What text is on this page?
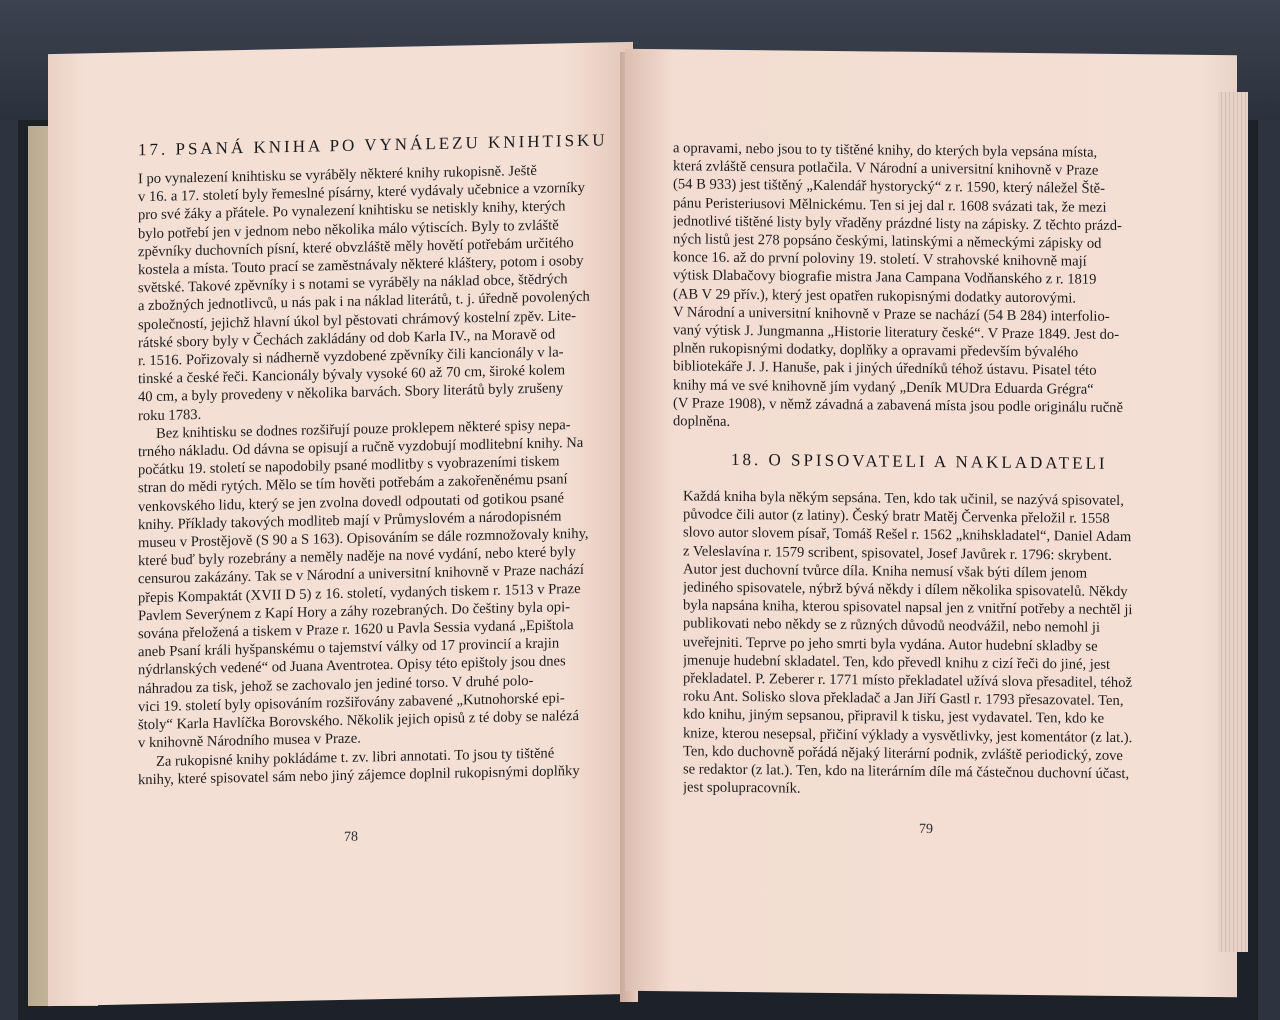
17. PSANÁ KNIHA PO VYNÁLEZU KNIHTISKU
I po vynalezení knihtisku se vyráběly některé knihy rukopisně. Ještě
v 16. a 17. století byly řemeslné písárny, které vydávaly učebnice a vzorníky
pro své žáky a přátele. Po vynalezení knihtisku se netiskly knihy, kterých
bylo potřebí jen v jednom nebo několika málo výtiscích. Byly to zvláště
zpěvníky duchovních písní, které obvzláště měly hovětí potřebám určitého
kostela a místa. Touto prací se zaměstnávaly některé kláštery, potom i osoby
světské. Takové zpěvníky i s notami se vyráběly na náklad obce, štědrých
a zbožných jednotlivců, u nás pak i na náklad literátů, t. j. úředně povolených
společností, jejichž hlavní úkol byl pěstovati chrámový kostelní zpěv. Lite-
rátské sbory byly v Čechách zakládány od dob Karla IV., na Moravě od
r. 1516. Pořizovaly si nádherně vyzdobené zpěvníky čili kancionály v la-
tinské a české řeči. Kancionály bývaly vysoké 60 až 70 cm, široké kolem
40 cm, a byly provedeny v několika barvách. Sbory literátů byly zrušeny
roku 1783.
Bez knihtisku se dodnes rozšiřují pouze proklepem některé spisy nepa-
trného nákladu. Od dávna se opisují a ručně vyzdobují modlitební knihy. Na
počátku 19. století se napodobily psané modlitby s vyobrazeními tiskem
stran do mědi rytých. Mělo se tím hověti potřebám a zakořeněnému psaní
venkovského lidu, který se jen zvolna dovedl odpoutati od gotikou psané
knihy. Příklady takových modliteb mají v Průmyslovém a národopisném
museu v Prostějově (S 90 a S 163). Opisováním se dále rozmnožovaly knihy,
které buď byly rozebrány a neměly naděje na nové vydání, nebo které byly
censurou zakázány. Tak se v Národní a universitní knihovně v Praze nachází
přepis Kompaktát (XVII D 5) z 16. století, vydaných tiskem r. 1513 v Praze
Pavlem Severýnem z Kapí Hory a záhy rozebraných. Do češtiny byla opi-
sována přeložená a tiskem v Praze r. 1620 u Pavla Sessia vydaná „Epištola
aneb Psaní králi hyšpanskému o tajemství války od 17 provincií a krajin
nýdrlanských vedené“ od Juana Aventrotea. Opisy této epištoly jsou dnes
náhradou za tisk, jehož se zachovalo jen jediné torso. V druhé polo-
vici 19. století byly opisováním rozšiřovány zabavené „Kutnohorské epi-
štoly“ Karla Havlíčka Borovského. Několik jejich opisů z té doby se nalézá
v knihovně Národního musea v Praze.
Za rukopisné knihy pokládáme t. zv. libri annotati. To jsou ty tištěné
knihy, které spisovatel sám nebo jiný zájemce doplnil rukopisnými doplňky
78
a opravami, nebo jsou to ty tištěné knihy, do kterých byla vepsána místa,
která zvláště censura potlačila. V Národní a universitní knihovně v Praze
(54 B 933) jest tištěný „Kalendář hystorycký“ z r. 1590, který náležel Ště-
pánu Peristeriusovi Mělnickému. Ten si jej dal r. 1608 svázati tak, že mezi
jednotlivé tištěné listy byly vřaděny prázdné listy na zápisky. Z těchto prázd-
ných listů jest 278 popsáno českými, latinskými a německými zápisky od
konce 16. až do první poloviny 19. století. V strahovské knihovně mají
výtisk Dlabačovy biografie mistra Jana Campana Vodňanského z r. 1819
(AB V 29 přív.), který jest opatřen rukopisnými dodatky autorovými.
V Národní a universitní knihovně v Praze se nachází (54 B 284) interfolio-
vaný výtisk J. Jungmanna „Historie literatury české“. V Praze 1849. Jest do-
plněn rukopisnými dodatky, doplňky a opravami především bývalého
bibliotekáře J. J. Hanuše, pak i jiných úředníků téhož ústavu. Pisatel této
knihy má ve své knihovně jím vydaný „Deník MUDra Eduarda Grégra“
(V Praze 1908), v němž závadná a zabavená místa jsou podle originálu ručně
doplněna.
18. O SPISOVATELI A NAKLADATELI
Každá kniha byla někým sepsána. Ten, kdo tak učinil, se nazývá spisovatel,
původce čili autor (z latiny). Český bratr Matěj Červenka přeložil r. 1558
slovo autor slovem písař, Tomáš Rešel r. 1562 „knihskladatel“, Daniel Adam
z Veleslavína r. 1579 scribent, spisovatel, Josef Javůrek r. 1796: skrybent.
Autor jest duchovní tvůrce díla. Kniha nemusí však býti dílem jenom
jediného spisovatele, nýbrž bývá někdy i dílem několika spisovatelů. Někdy
byla napsána kniha, kterou spisovatel napsal jen z vnitřní potřeby a nechtěl ji
publikovati nebo někdy se z různých důvodů neodvážil, nebo nemohl ji
uveřejniti. Teprve po jeho smrti byla vydána. Autor hudební skladby se
jmenuje hudební skladatel. Ten, kdo převedl knihu z cizí řeči do jiné, jest
překladatel. P. Zeberer r. 1771 místo překladatel užívá slova přesaditel, téhož
roku Ant. Solisko slova překladač a Jan Jiří Gastl r. 1793 přesazovatel. Ten,
kdo knihu, jiným sepsanou, připravil k tisku, jest vydavatel. Ten, kdo ke
knize, kterou nesepsal, přičiní výklady a vysvětlivky, jest komentátor (z lat.).
Ten, kdo duchovně pořádá nějaký literární podnik, zvláště periodický, zove
se redaktor (z lat.). Ten, kdo na literárním díle má částečnou duchovní účast,
jest spolupracovník.
79
